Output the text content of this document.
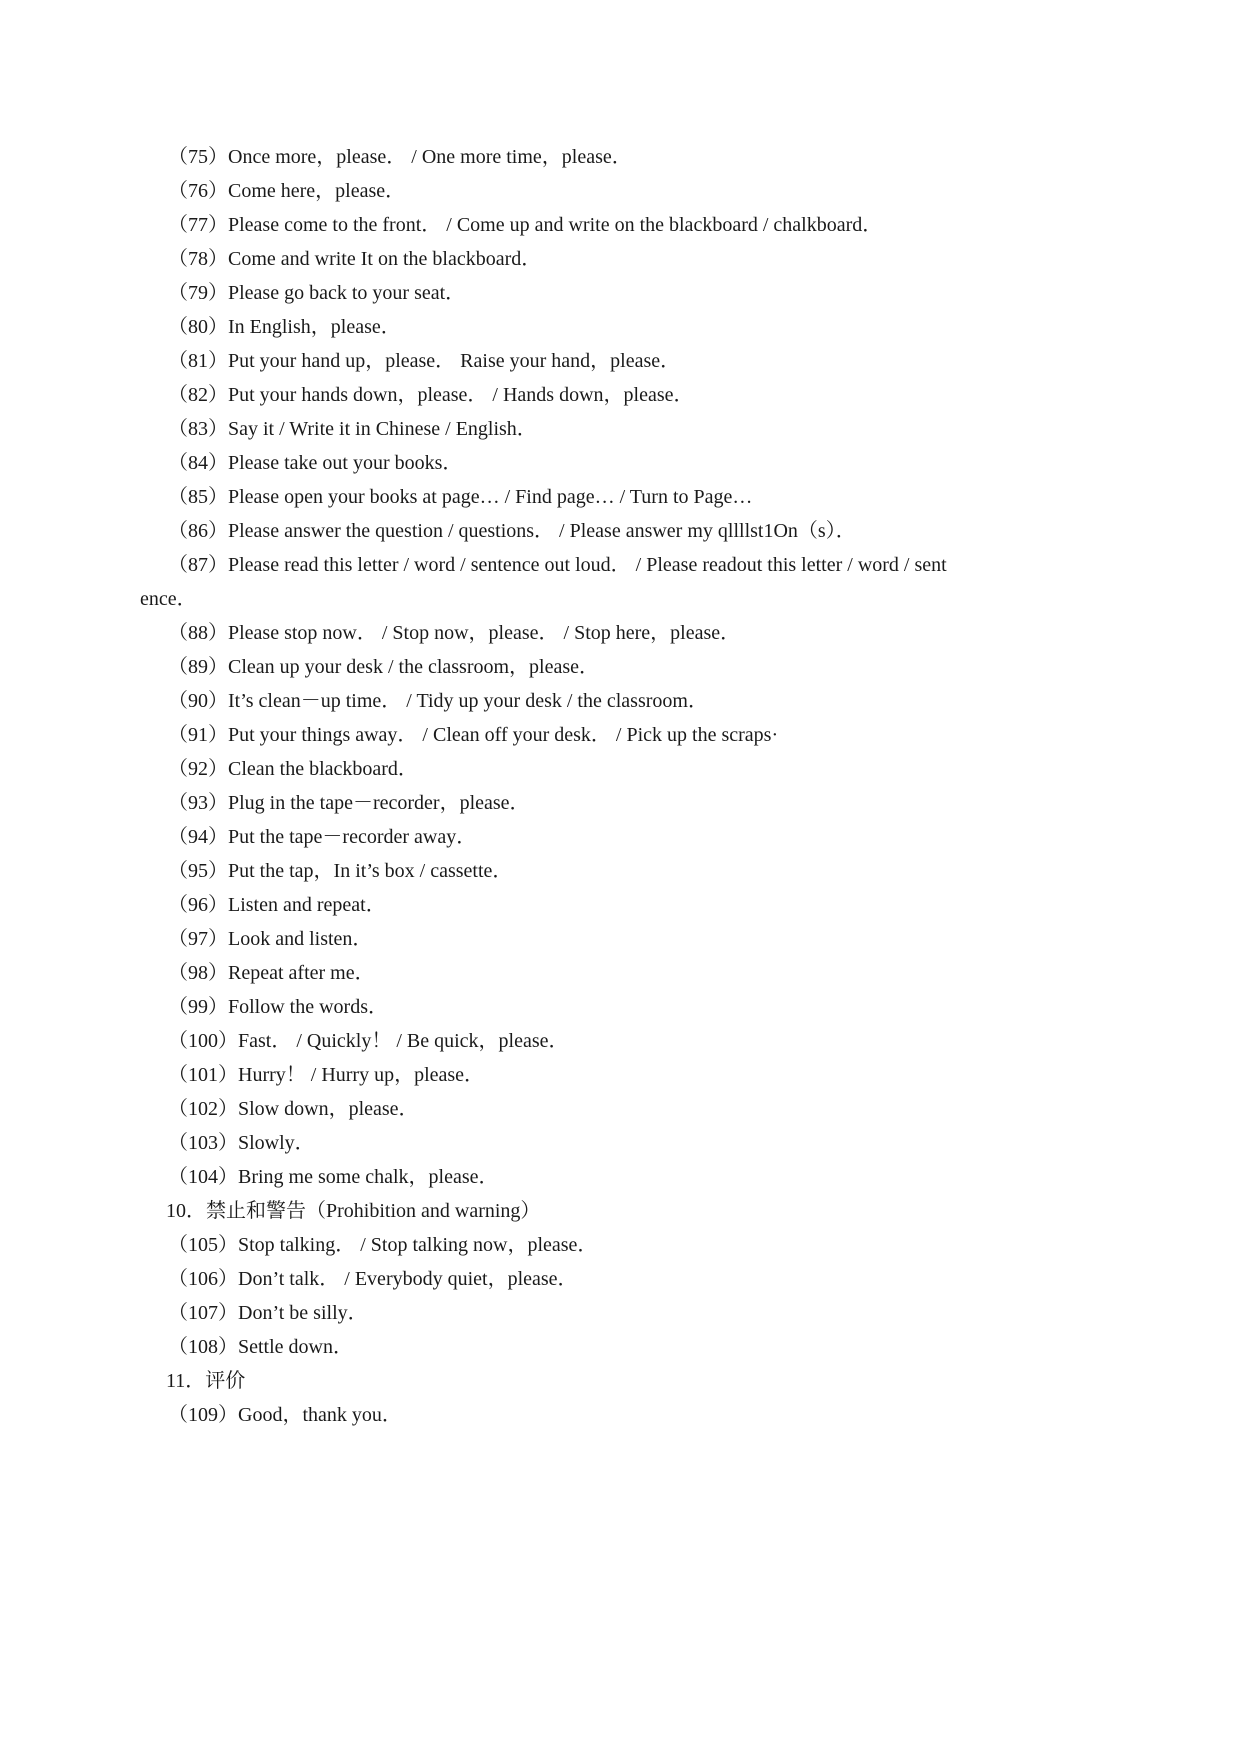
（75）Once more，please． / One more time，please．

（76）Come here，please．

（77）Please come to the front． / Come up and write on the blackboard / chalkboard．

（78）Come and write It on the blackboard．

（79）Please go back to your seat．

（80）In English，please．

（81）Put your hand up，please． Raise your hand，please．

（82）Put your hands down，please． / Hands down，please．

（83）Say it / Write it in Chinese / English．

（84）Please take out your books．

（85）Please open your books at page… / Find page… / Turn to Page…

（86）Please answer the question / questions． / Please answer my qllllst1On（s）．

（87）Please read this letter / word / sentence out loud． / Please readout this letter / word / sent

ence．

（88）Please stop now． / Stop now，please． / Stop here，please．

（89）Clean up your desk / the classroom，please．

（90）It’s clean－up time． / Tidy up your desk / the classroom．

（91）Put your things away． / Clean off your desk． / Pick up the scraps·

（92）Clean the blackboard．

（93）Plug in the tape－recorder，please．

（94）Put the tape－recorder away．

（95）Put the tap，In it’s box / cassette．

（96）Listen and repeat．

（97）Look and listen．

（98）Repeat after me．

（99）Follow the words．

（100）Fast． / Quickly！ / Be quick，please．

（101）Hurry！ / Hurry up，please．

（102）Slow down，please．

（103）Slowly．

（104）Bring me some chalk，please．

10．禁止和警告（Prohibition and warning）

（105）Stop talking． / Stop talking now，please．

（106）Don’t talk． / Everybody quiet，please．

（107）Don’t be silly．

（108）Settle down．

11．评价

（109）Good，thank you．
